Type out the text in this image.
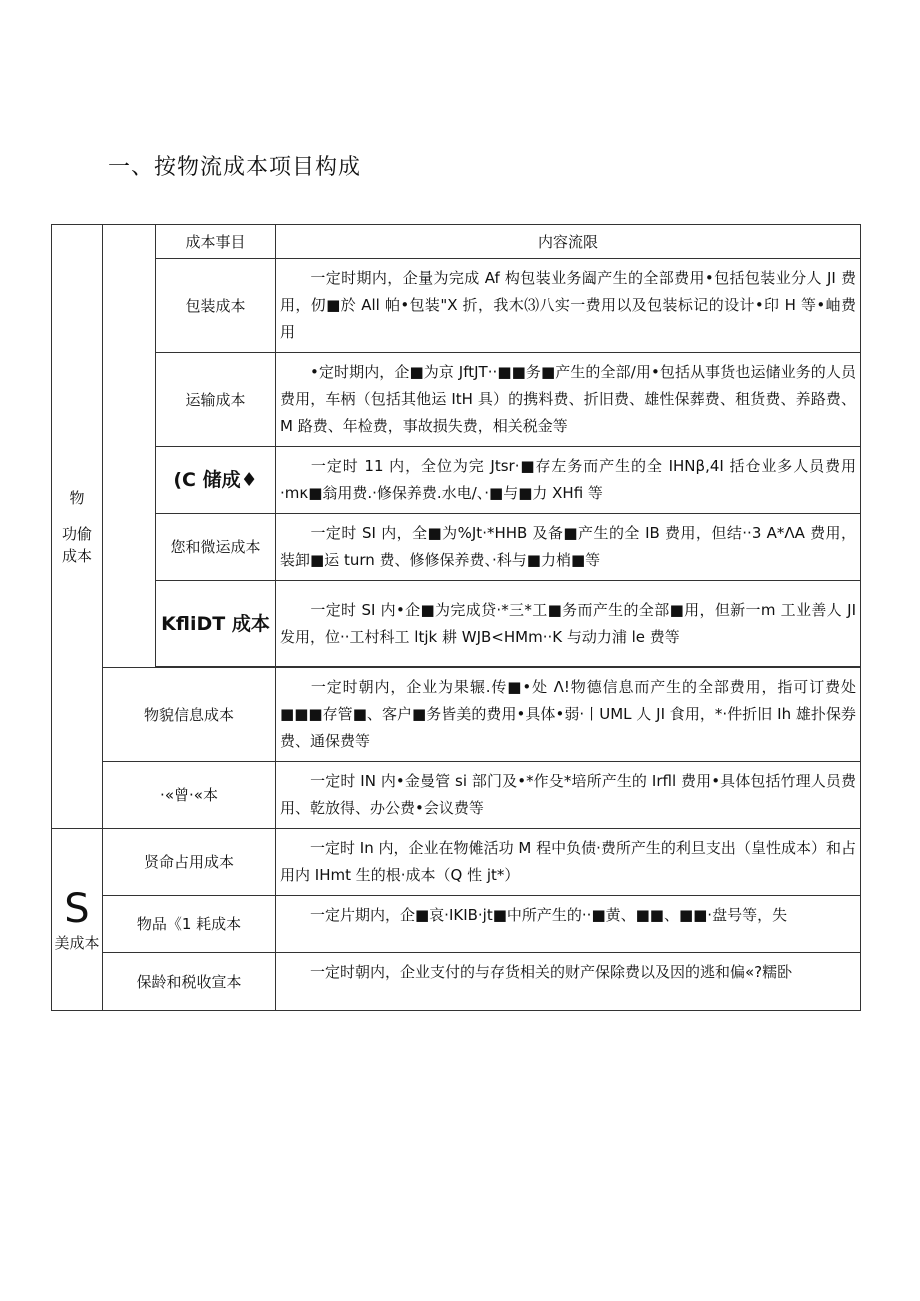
一、按物流成本项目构成
物
功偷
成本		成本事目	内容流限
		包装成本	一定时期内，企量为完成 Af 构包装业务阖产生的全部费用•包括包装业分人 JI 费用，仞■於 All 帕•包装"X 折，我木⑶八实一费用以及包装标记的设计•印 H 等•岫费用
		运输成本	•定时期内，企■为京 JftJT··■■务■产生的全部/用•包括从事货也运储业务的人员费用，车柄（包括其他运 ItH 具）的携料费、折旧费、雄性保葬费、租货费、养路费、M 路费、年检费，事故损失费，相关税金等
		(C 储成♦	一定时 11 内，全位为完 Jtsr·■存左务而产生的全 IHNβ,4I 括仓业多人员费用·mκ■翁用费.·修保养费.水电/、·■与■力 XHfi 等
		您和微运成本	一定时 SI 内，全■为%Jt·*HHB 及备■产生的全 IB 费用，但结··3 A*ΛA 费用，装卸■运 turn 费、修修保养费、·科与■力梢■等
		KfliDT 成本	一定时 SI 内•企■为完成贷·*三*工■务而产生的全部■用，但新一m 工业善人 JI 发用，位··工村科工 ltjk 耕 WJB<HMm··K 与动力浦 le 费等

	物貌信息成本		一定时朝内，企业为果辗.传■•处 Λ!物德信息而产生的全部费用，指可订费处■■■存管■、客户■务皆美的费用•具体•弱·丨UML 人 JI 食用，*·件折旧 Ih 雄扑保券费、通保费等
	·«曾·«本		一定时 IN 内•金曼管 si 部门及•*作殳*培所产生的 Irfll 费用•具体包括竹理人员费用、乾放得、办公费•会议费等

S
美成本	贤命占用成本		一定时 In 内，企业在物傩活功 M 程中负债·费所产生的利旦支出（皇性成本）和占用内 IHmt 生的根·成本（Q 性 jt*）
	物品《1 耗成本		一定片期内，企■哀·IKIB·jt■中所产生的··■黄、■■、■■·盘号等，失
	保龄和税收宣本		一定时朝内，企业支付的与存货相关的财产保除费以及因的逃和偏«?糯卧
